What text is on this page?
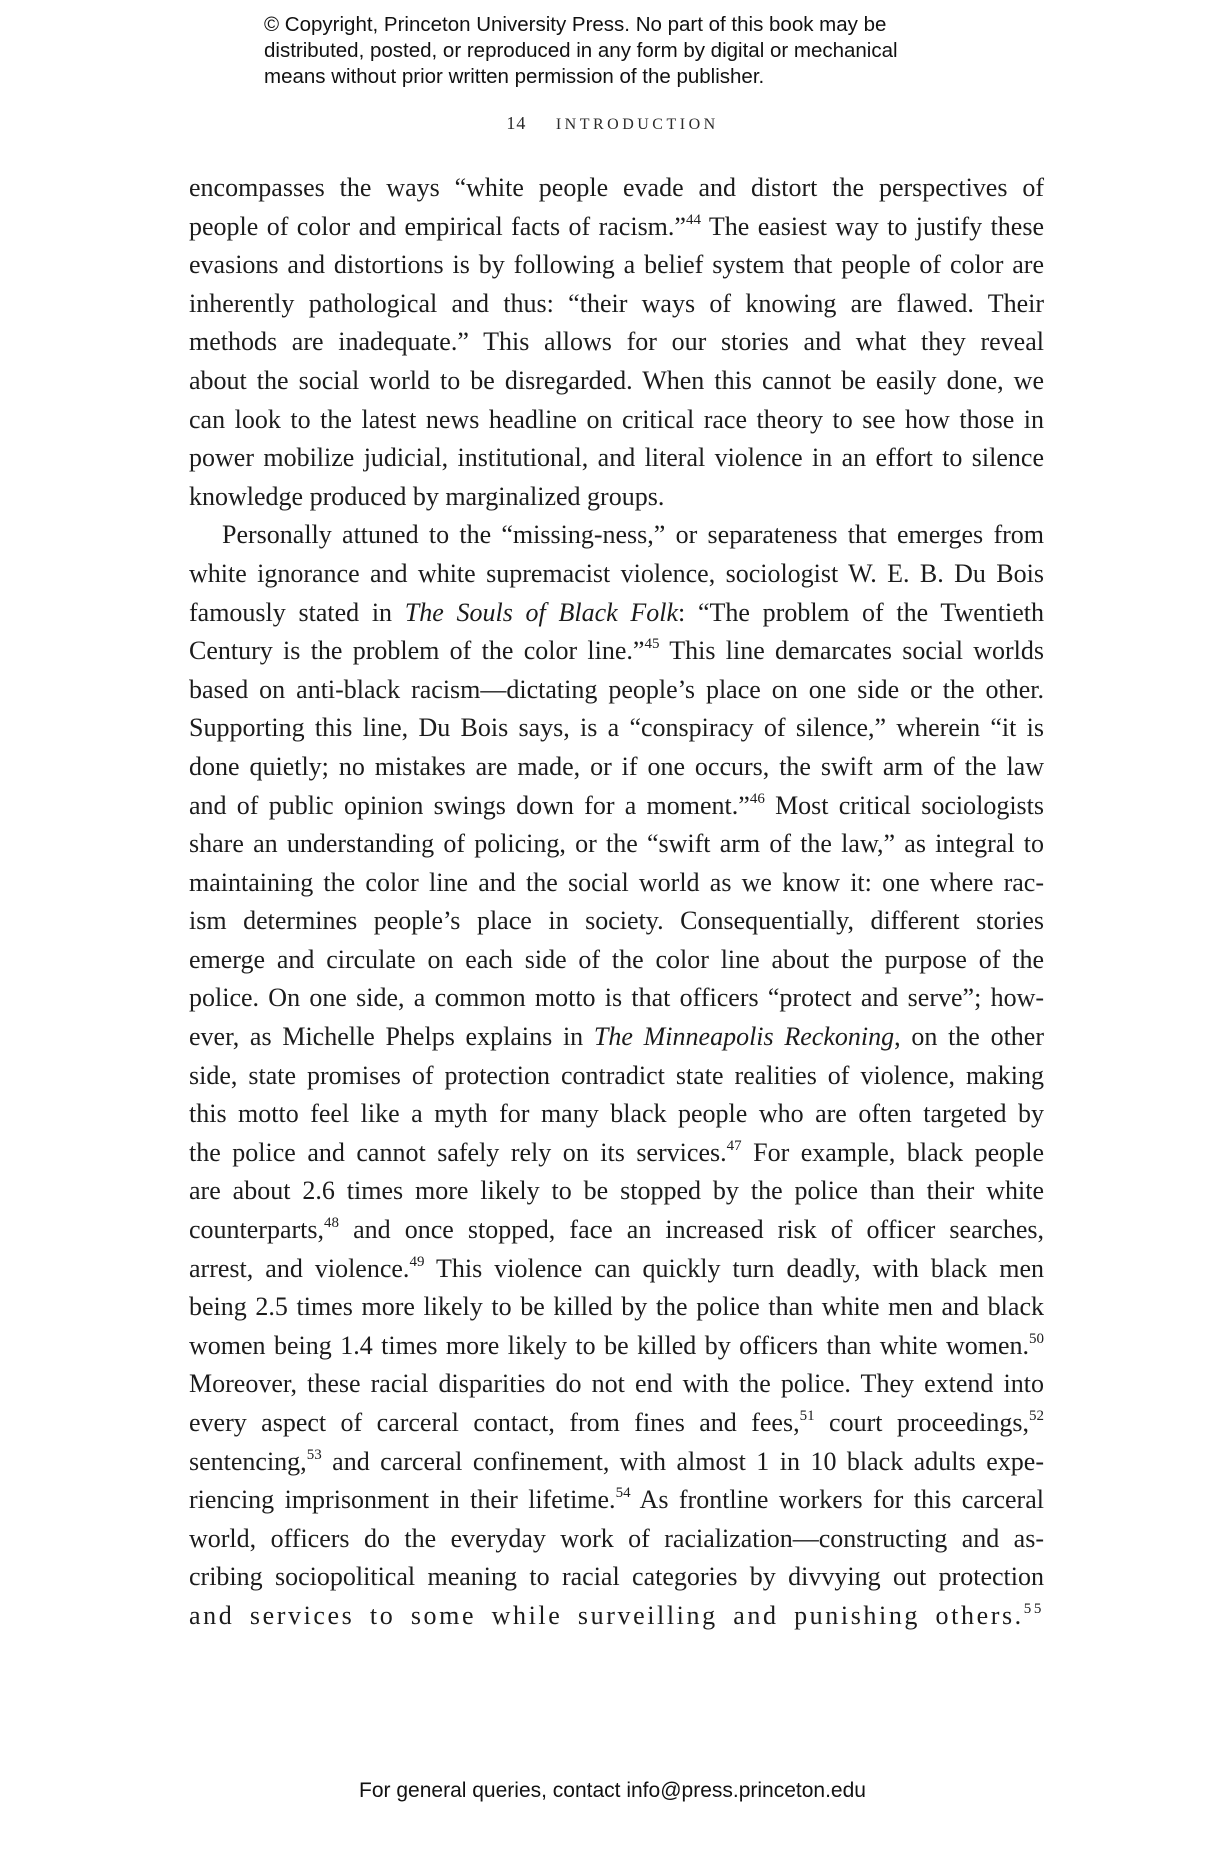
© Copyright, Princeton University Press. No part of this book may be
distributed, posted, or reproduced in any form by digital or mechanical
means without prior written permission of the publisher.
14 INTRODUCTION
encompasses the ways “white people evade and distort the perspectives of
people of color and empirical facts of racism.”$^{44}$ The easiest way to justify these
evasions and distortions is by following a belief system that people of color are
inherently pathological and thus: “their ways of knowing are flawed. Their
methods are inadequate.” This allows for our stories and what they reveal
about the social world to be disregarded. When this cannot be easily done, we
can look to the latest news headline on critical race theory to see how those in
power mobilize judicial, institutional, and literal violence in an effort to silence
knowledge produced by marginalized groups.
Personally attuned to the “missing-ness,” or separateness that emerges from
white ignorance and white supremacist violence, sociologist W. E. B. Du Bois
famously stated in The Souls of Black Folk: “The problem of the Twentieth
Century is the problem of the color line.”$^{45}$ This line demarcates social worlds
based on anti-black racism—dictating people’s place on one side or the other.
Supporting this line, Du Bois says, is a “conspiracy of silence,” wherein “it is
done quietly; no mistakes are made, or if one occurs, the swift arm of the law
and of public opinion swings down for a moment.”$^{46}$ Most critical sociologists
share an understanding of policing, or the “swift arm of the law,” as integral to
maintaining the color line and the social world as we know it: one where rac-
ism determines people’s place in society. Consequentially, different stories
emerge and circulate on each side of the color line about the purpose of the
police. On one side, a common motto is that officers “protect and serve”; how-
ever, as Michelle Phelps explains in The Minneapolis Reckoning, on the other
side, state promises of protection contradict state realities of violence, making
this motto feel like a myth for many black people who are often targeted by
the police and cannot safely rely on its services.$^{47}$ For example, black people
are about 2.6 times more likely to be stopped by the police than their white
counterparts,$^{48}$ and once stopped, face an increased risk of officer searches,
arrest, and violence.$^{49}$ This violence can quickly turn deadly, with black men
being 2.5 times more likely to be killed by the police than white men and black
women being 1.4 times more likely to be killed by officers than white women.$^{50}$
Moreover, these racial disparities do not end with the police. They extend into
every aspect of carceral contact, from fines and fees,$^{51}$ court proceedings,$^{52}$
sentencing,$^{53}$ and carceral confinement, with almost 1 in 10 black adults expe-
riencing imprisonment in their lifetime.$^{54}$ As frontline workers for this carceral
world, officers do the everyday work of racialization—constructing and as-
cribing sociopolitical meaning to racial categories by divvying out protection
and services to some while surveilling and punishing others.$^{55}$
For general queries, contact info@press.princeton.edu
